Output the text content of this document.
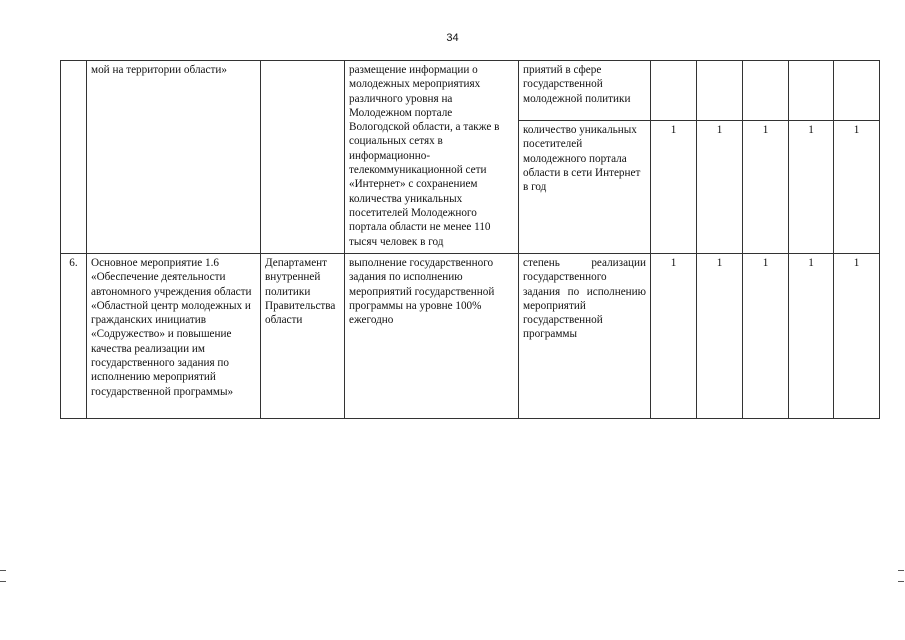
34
	мой на территории области»		размещение информации о молодежных мероприятиях различного уровня на Молодежном портале Вологодской области, а также в социальных сетях в информационно-телекоммуникационной сети «Интернет» с сохранением количества уникальных посетителей Молодежного портала области не менее 110 тысяч человек в год	приятий в сфере государственной молодежной политики					
				количество уникальных посетителей молодежного портала области в сети Интернет в год	1	1	1	1	1
6.	Основное мероприятие 1.6 «Обеспечение деятельности автономного учреждения области «Областной центр молодежных и гражданских инициатив «Содружество» и повышение качества реализации им государственного задания по исполнению мероприятий государственной программы»	Департамент внутренней политики Правительства области	выполнение государственного задания по исполнению мероприятий государственной программы на уровне 100% ежегодно	степень реализации государственного задания по исполнению мероприятий государственной программы	1	1	1	1	1
